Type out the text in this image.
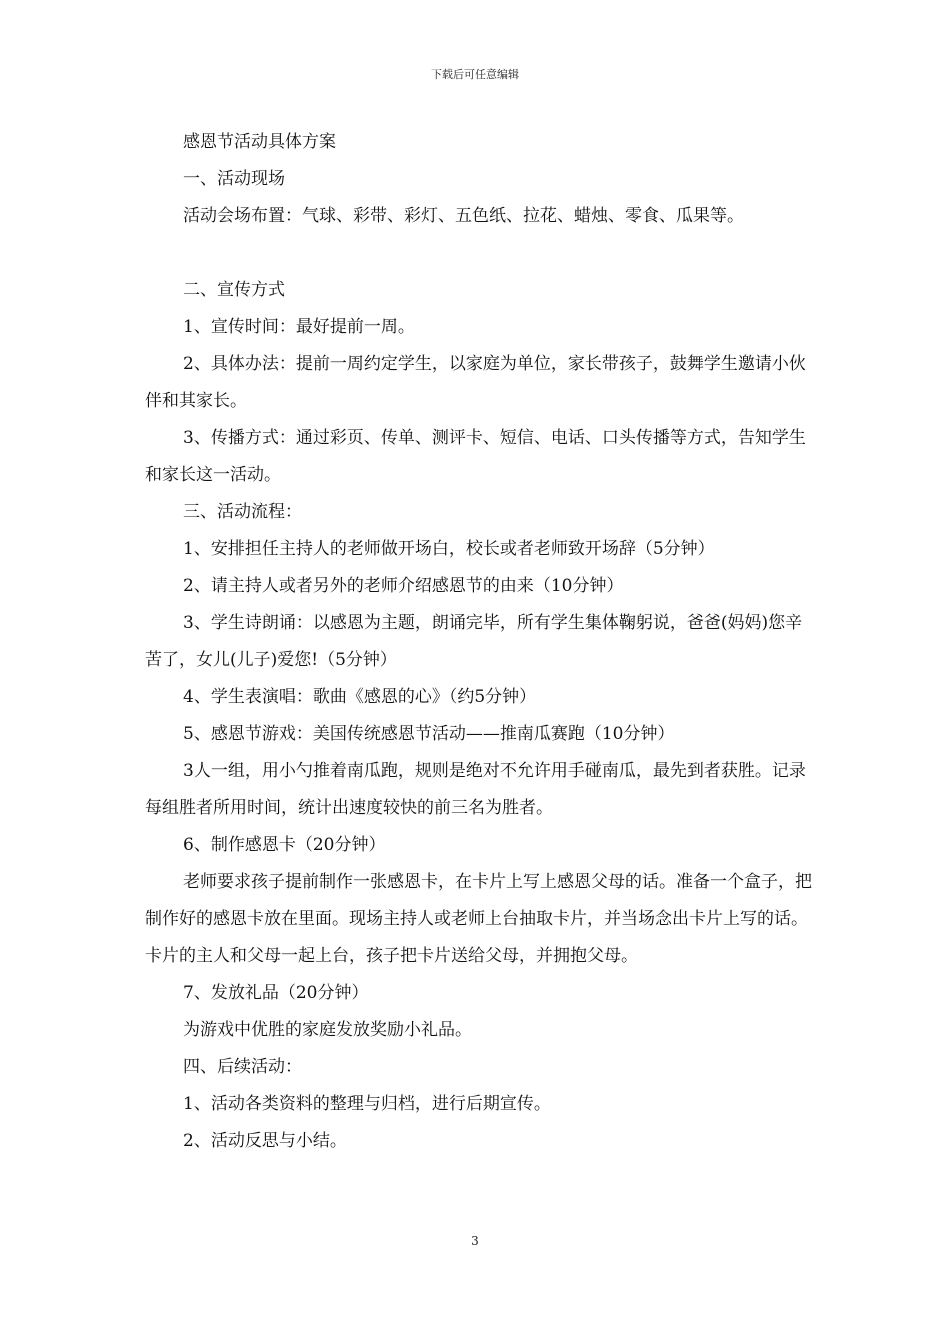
下载后可任意编辑

感恩节活动具体方案

一、活动现场

活动会场布置：气球、彩带、彩灯、五色纸、拉花、蜡烛、零食、瓜果等。

二、宣传方式

1、宣传时间：最好提前一周。

2、具体办法：提前一周约定学生，以家庭为单位，家长带孩子，鼓舞学生邀请小伙伴和其家长。

3、传播方式：通过彩页、传单、测评卡、短信、电话、口头传播等方式，告知学生和家长这一活动。

三、活动流程：

1、安排担任主持人的老师做开场白，校长或者老师致开场辞（5分钟）

2、请主持人或者另外的老师介绍感恩节的由来（10分钟）

3、学生诗朗诵：以感恩为主题，朗诵完毕，所有学生集体鞠躬说，爸爸(妈妈)您辛苦了，女儿(儿子)爱您!（5分钟）

4、学生表演唱：歌曲《感恩的心》（约5分钟）

5、感恩节游戏：美国传统感恩节活动——推南瓜赛跑（10分钟）

3人一组，用小勺推着南瓜跑，规则是绝对不允许用手碰南瓜，最先到者获胜。记录每组胜者所用时间，统计出速度较快的前三名为胜者。

6、制作感恩卡（20分钟）

老师要求孩子提前制作一张感恩卡，在卡片上写上感恩父母的话。准备一个盒子，把制作好的感恩卡放在里面。现场主持人或老师上台抽取卡片，并当场念出卡片上写的话。卡片的主人和父母一起上台，孩子把卡片送给父母，并拥抱父母。

7、发放礼品（20分钟）

为游戏中优胜的家庭发放奖励小礼品。

四、后续活动：

1、活动各类资料的整理与归档，进行后期宣传。

2、活动反思与小结。

3
